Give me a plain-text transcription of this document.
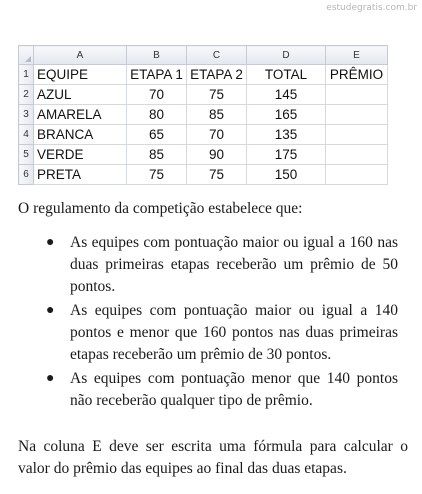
estudegratis.com.br
	A	B	C	D	E
1	EQUIPE	ETAPA 1	ETAPA 2	TOTAL	PRÊMIO
2	AZUL	70	75	145	
3	AMARELA	80	85	165	
4	BRANCA	65	70	135	
5	VERDE	85	90	175	
6	PRETA	75	75	150	
O regulamento da competição estabelece que:
● As equipes com pontuação maior ou igual a 160 nas duas primeiras etapas receberão um prêmio de 50 pontos.
● As equipes com pontuação maior ou igual a 140 pontos e menor que 160 pontos nas duas primeiras etapas receberão um prêmio de 30 pontos.
● As equipes com pontuação menor que 140 pontos não receberão qualquer tipo de prêmio.
Na coluna E deve ser escrita uma fórmula para calcular o valor do prêmio das equipes ao final das duas etapas.
